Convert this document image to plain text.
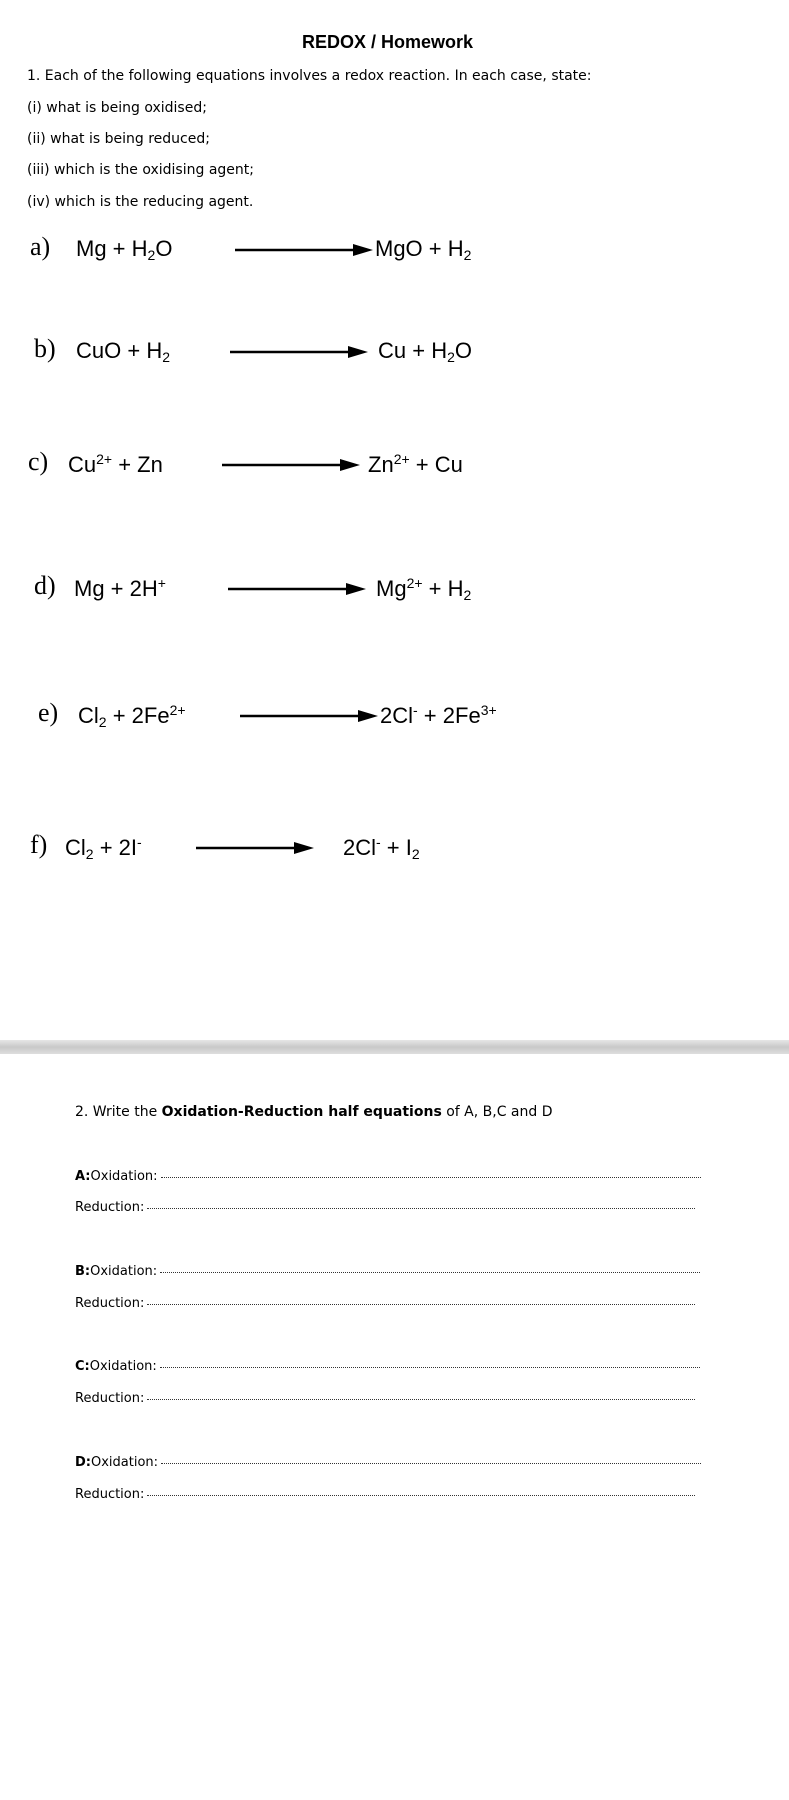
REDOX / Homework
1. Each of the following equations involves a redox reaction. In each case, state:
(i) what is being oxidised;
(ii) what is being reduced;
(iii) which is the oxidising agent;
(iv) which is the reducing agent.
a) $Mg + H_2O$	MgO + $H_2$
b) CuO + $H_2$	$Cu + H_2O$
c) $Cu^{2+} + Zn$	$Zn^{2+} + Cu$
d) Mg + 2H+	$Mg^{2+} + H_2$
e) $Cl_2 + 2Fe^{2+}$	$2Cl^- + 2Fe^{3+}$
f) $Cl_2 + 2I^-$	$2Cl^- + I_2$
2. Write the Oxidation-Reduction half equations of A, B,C and D
A: Oxidation:
Reduction:
B: Oxidation:
Reduction:
C: Oxidation:
Reduction:
D: Oxidation:
Reduction:
